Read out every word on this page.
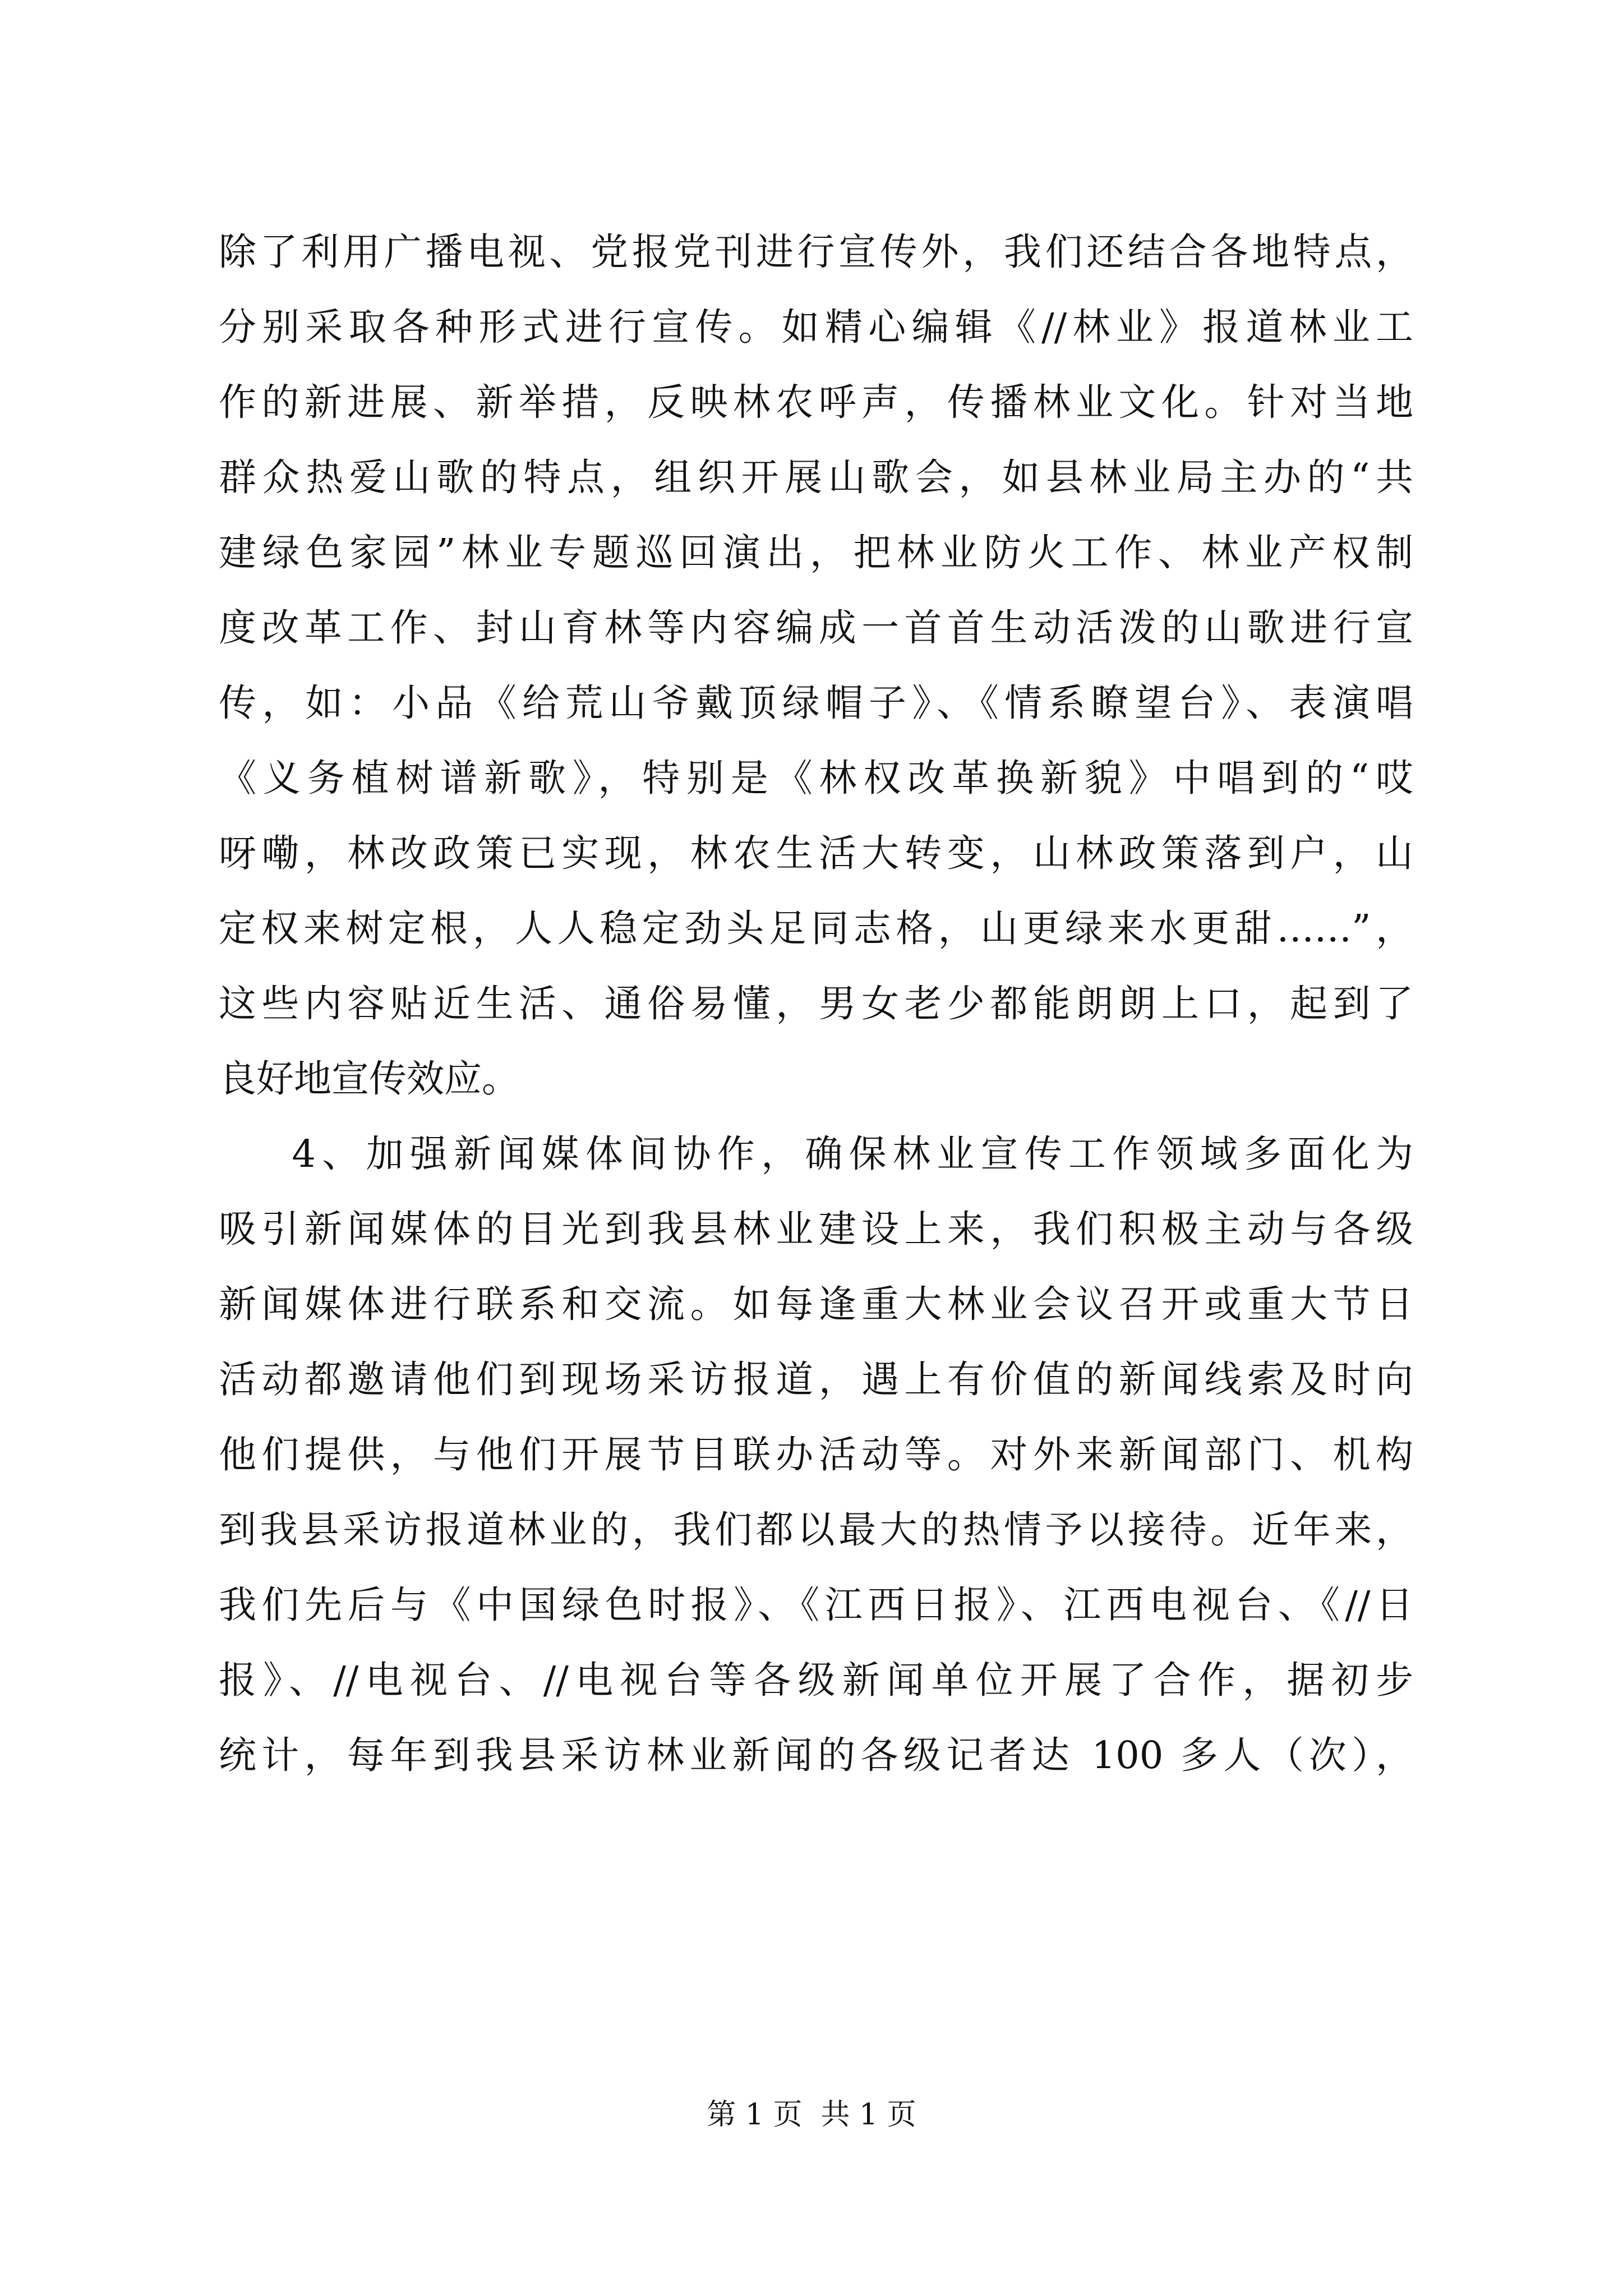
除了利用广播电视、党报党刊进行宣传外，我们还结合各地特点，
分别采取各种形式进行宣传。如精心编辑《//林业》报道林业工
作的新进展、新举措，反映林农呼声，传播林业文化。针对当地
群众热爱山歌的特点，组织开展山歌会，如县林业局主办的“共
建绿色家园”林业专题巡回演出，把林业防火工作、林业产权制
度改革工作、封山育林等内容编成一首首生动活泼的山歌进行宣
传，如：小品《给荒山爷戴顶绿帽子》、《情系瞭望台》、表演唱
《义务植树谱新歌》，特别是《林权改革换新貌》中唱到的“哎
呀嘞，林改政策已实现，林农生活大转变，山林政策落到户，山
定权来树定根，人人稳定劲头足同志格，山更绿来水更甜……”，
这些内容贴近生活、通俗易懂，男女老少都能朗朗上口，起到了
良好地宣传效应。
4、加强新闻媒体间协作，确保林业宣传工作领域多面化为
吸引新闻媒体的目光到我县林业建设上来，我们积极主动与各级
新闻媒体进行联系和交流。如每逢重大林业会议召开或重大节日
活动都邀请他们到现场采访报道，遇上有价值的新闻线索及时向
他们提供，与他们开展节目联办活动等。对外来新闻部门、机构
到我县采访报道林业的，我们都以最大的热情予以接待。近年来，
我们先后与《中国绿色时报》、《江西日报》、江西电视台、《//日
报》、//电视台、//电视台等各级新闻单位开展了合作，据初步
统计，每年到我县采访林业新闻的各级记者达 100 多人（次），
第 1 页  共 1 页
